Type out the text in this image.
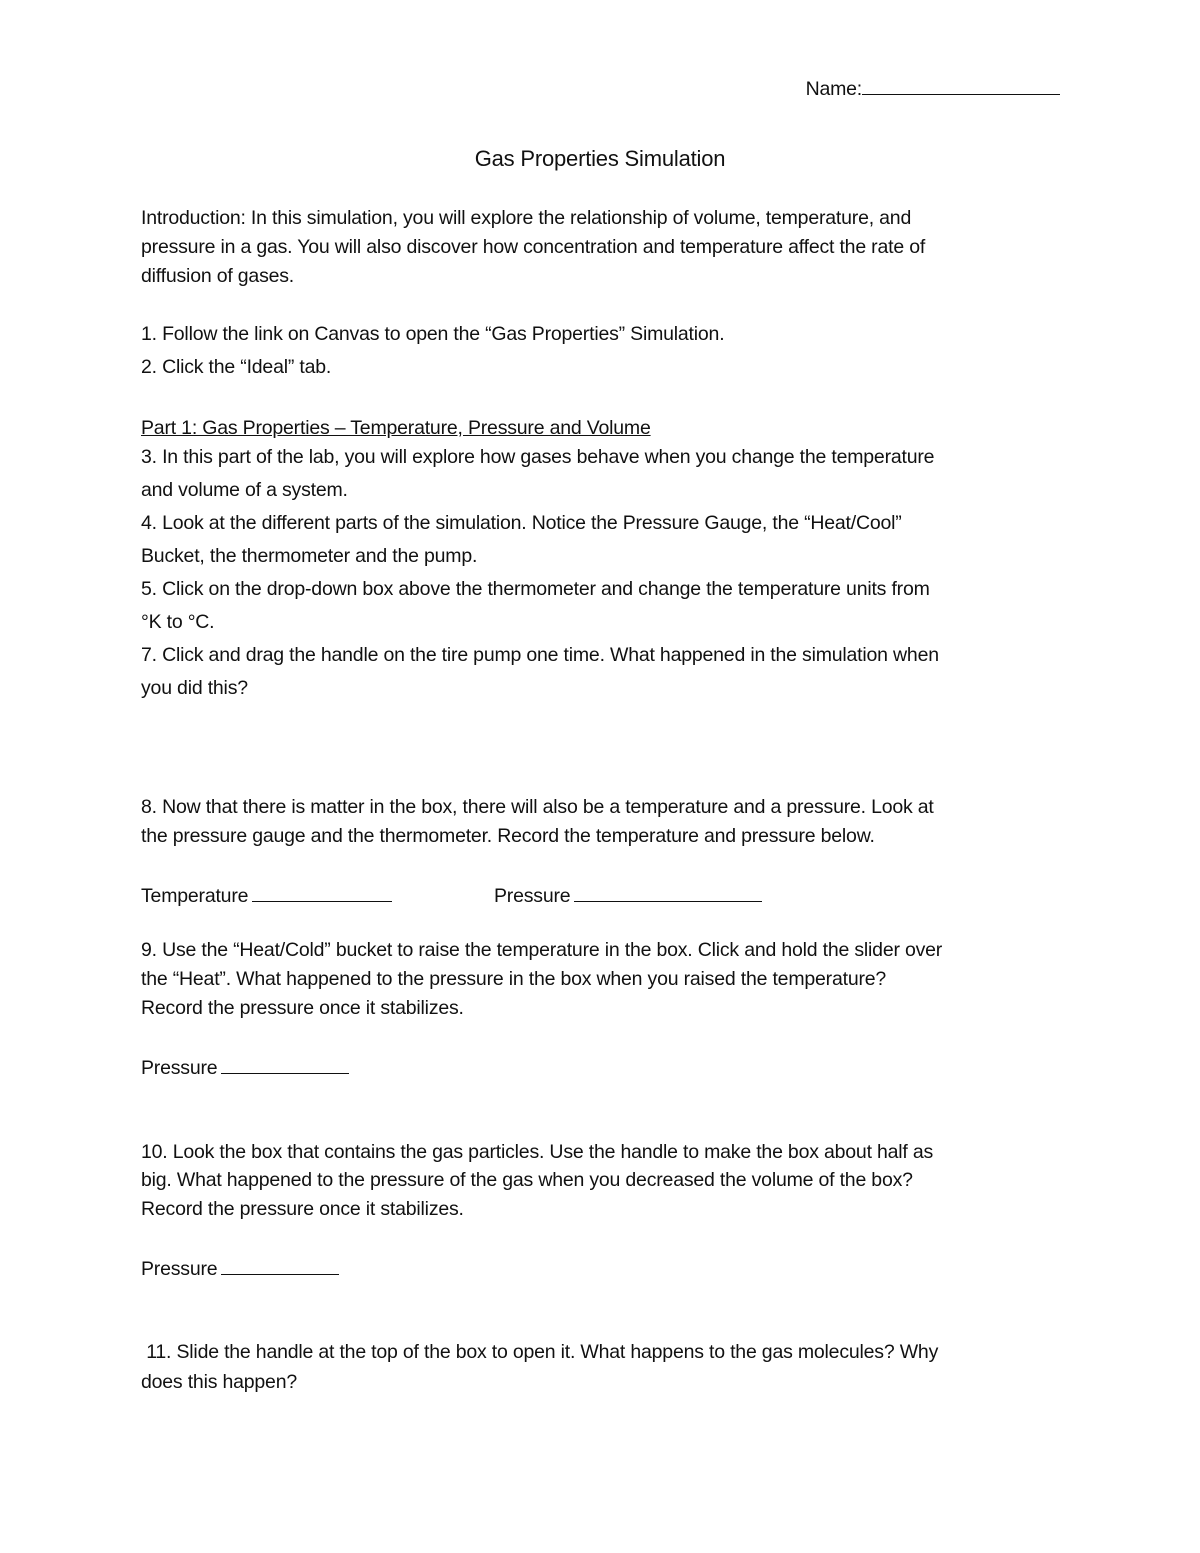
Name:
Gas Properties Simulation
Introduction: In this simulation, you will explore the relationship of volume, temperature, and
pressure in a gas. You will also discover how concentration and temperature affect the rate of
diffusion of gases.
1. Follow the link on Canvas to open the “Gas Properties” Simulation.
2. Click the “Ideal” tab.
Part 1: Gas Properties – Temperature, Pressure and Volume
3. In this part of the lab, you will explore how gases behave when you change the temperature
and volume of a system.
4. Look at the different parts of the simulation. Notice the Pressure Gauge, the “Heat/Cool”
Bucket, the thermometer and the pump.
5. Click on the drop-down box above the thermometer and change the temperature units from
°K to °C.
7. Click and drag the handle on the tire pump one time. What happened in the simulation when
you did this?
8. Now that there is matter in the box, there will also be a temperature and a pressure. Look at
the pressure gauge and the thermometer. Record the temperature and pressure below.
Temperature	Pressure
9. Use the “Heat/Cold” bucket to raise the temperature in the box. Click and hold the slider over
the “Heat”. What happened to the pressure in the box when you raised the temperature?
Record the pressure once it stabilizes.
Pressure
10. Look the box that contains the gas particles. Use the handle to make the box about half as
big. What happened to the pressure of the gas when you decreased the volume of the box?
Record the pressure once it stabilizes.
Pressure
11. Slide the handle at the top of the box to open it. What happens to the gas molecules? Why
does this happen?
